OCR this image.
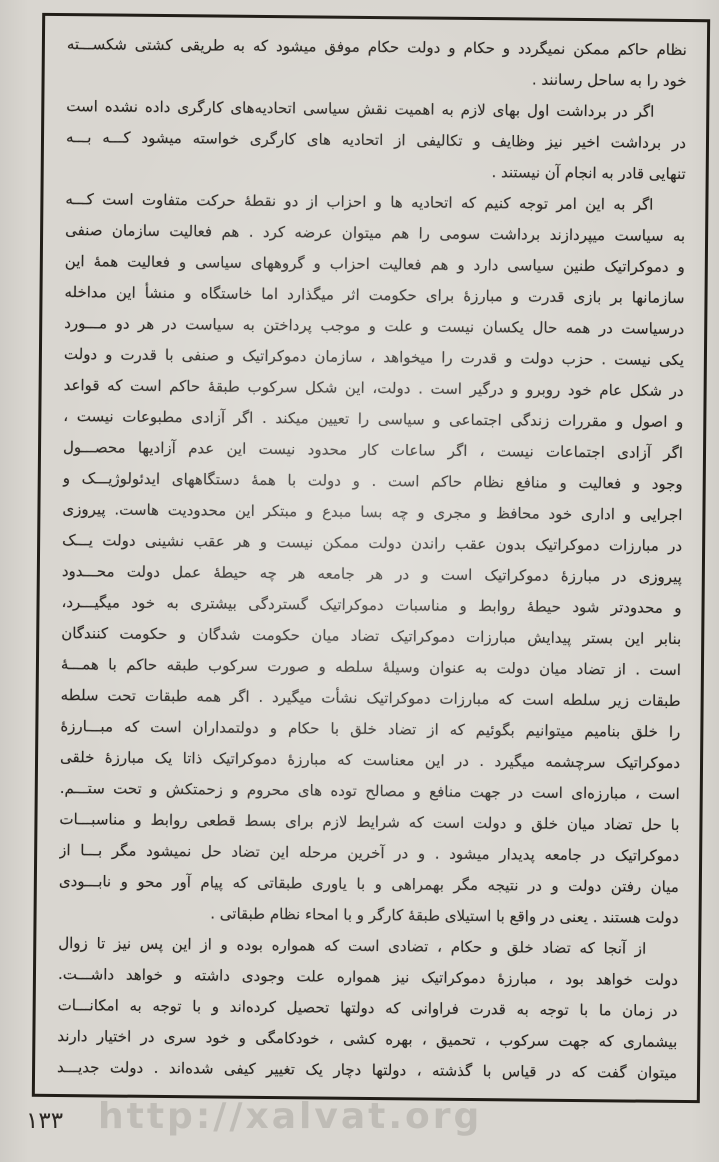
نظام حاکم ممکن نمیگردد و حکام و دولت حکام موفق میشود که به طریقی کشتی شکســـته
خود را به ساحل رسانند .
اگر در برداشت اول بهای لازم به اهمیت نقش سیاسی اتحادیه‌های کارگری داده نشده است
در برداشت اخیر نیز وظایف و تکالیفی از اتحادیه های کارگری خواسته میشود کـــه بـــه
تنهایی قادر به انجام آن نیستند .
اگر به این امر توجه کنیم که اتحادیه ها و احزاب از دو نقطهٔ حرکت متفاوت است کـــه
به سیاست میپردازند برداشت سومی را هم میتوان عرضه کرد . هم فعالیت سازمان صنفی
و دموکراتیک طنین سیاسی دارد و هم فعالیت احزاب و گروههای سیاسی و فعالیت همهٔ این
سازمانها بر بازی قدرت و مبارزهٔ برای حکومت اثر میگذارد اما خاستگاه و منشأ این مداخله
درسیاست در همه حال یکسان نیست و علت و موجب پرداختن به سیاست در هر دو مـــورد
یکی نیست . حزب دولت و قدرت را میخواهد ، سازمان دموکراتیک و صنفی با قدرت و دولت
در شکل عام خود روبرو و درگیر است . دولت، این شکل سرکوب طبقهٔ حاکم است که قواعد
و اصول و مقررات زندگی اجتماعی و سیاسی را تعیین میکند . اگر آزادی مطبوعات نیست ،
اگر آزادی اجتماعات نیست ، اگر ساعات کار محدود نیست این عدم آزادیها محصـــول
وجود و فعالیت و منافع نظام حاکم است . و دولت با همهٔ دستگاههای ایدئولوژیـــک و
اجرایی و اداری خود محافظ و مجری و چه بسا مبدع و مبتکر این محدودیت هاست. پیروزی
در مبارزات دموکراتیک بدون عقب راندن دولت ممکن نیست و هر عقب نشینی دولت یـــک
پیروزی در مبارزهٔ دموکراتیک است و در هر جامعه هر چه حیطهٔ عمل دولت محـــدود
و محدودتر شود حیطهٔ روابط و مناسبات دموکراتیک گستردگی بیشتری به خود میگیـــرد،
بنابر این بستر پیدایش مبارزات دموکراتیک تضاد میان حکومت شدگان و حکومت کنندگان
است . از تضاد میان دولت به عنوان وسیلهٔ سلطه و صورت سرکوب طبقه حاکم با همـــهٔ
طبقات زیر سلطه است که مبارزات دموکراتیک نشأت میگیرد . اگر همه طبقات تحت سلطه
را خلق بنامیم میتوانیم بگوئیم که از تضاد خلق با حکام و دولتمداران است که مبـــارزهٔ
دموکراتیک سرچشمه میگیرد . در این معناست که مبارزهٔ دموکراتیک ذاتا یک مبارزهٔ خلقی
است ، مبارزه‌ای است در جهت منافع و مصالح توده های محروم و زحمتکش و تحت ستـــم.
با حل تضاد میان خلق و دولت است که شرایط لازم برای بسط قطعی روابط و مناسبـــات
دموکراتیک در جامعه پدیدار میشود . و در آخرین مرحله این تضاد حل نمیشود مگر بـــا از
میان رفتن دولت و در نتیجه مگر بهمراهی و با یاوری طبقاتی که پیام آور محو و نابـــودی
دولت هستند . یعنی در واقع با استیلای طبقهٔ کارگر و با امحاء نظام طبقاتی .
از آنجا که تضاد خلق و حکام ، تضادی است که همواره بوده و از این پس نیز تا زوال
دولت خواهد بود ، مبارزهٔ دموکراتیک نیز همواره علت وجودی داشته و خواهد داشـــت.
در زمان ما با توجه به قدرت فراوانی که دولتها تحصیل کرده‌اند و با توجه به امکانـــات
بیشماری که جهت سرکوب ، تحمیق ، بهره کشی ، خودکامگی و خود سری در اختیار دارند
میتوان گفت که در قیاس با گذشته ، دولتها دچار یک تغییر کیفی شده‌اند . دولت جدیـــد
http://xalvat.org
۱۳۳
